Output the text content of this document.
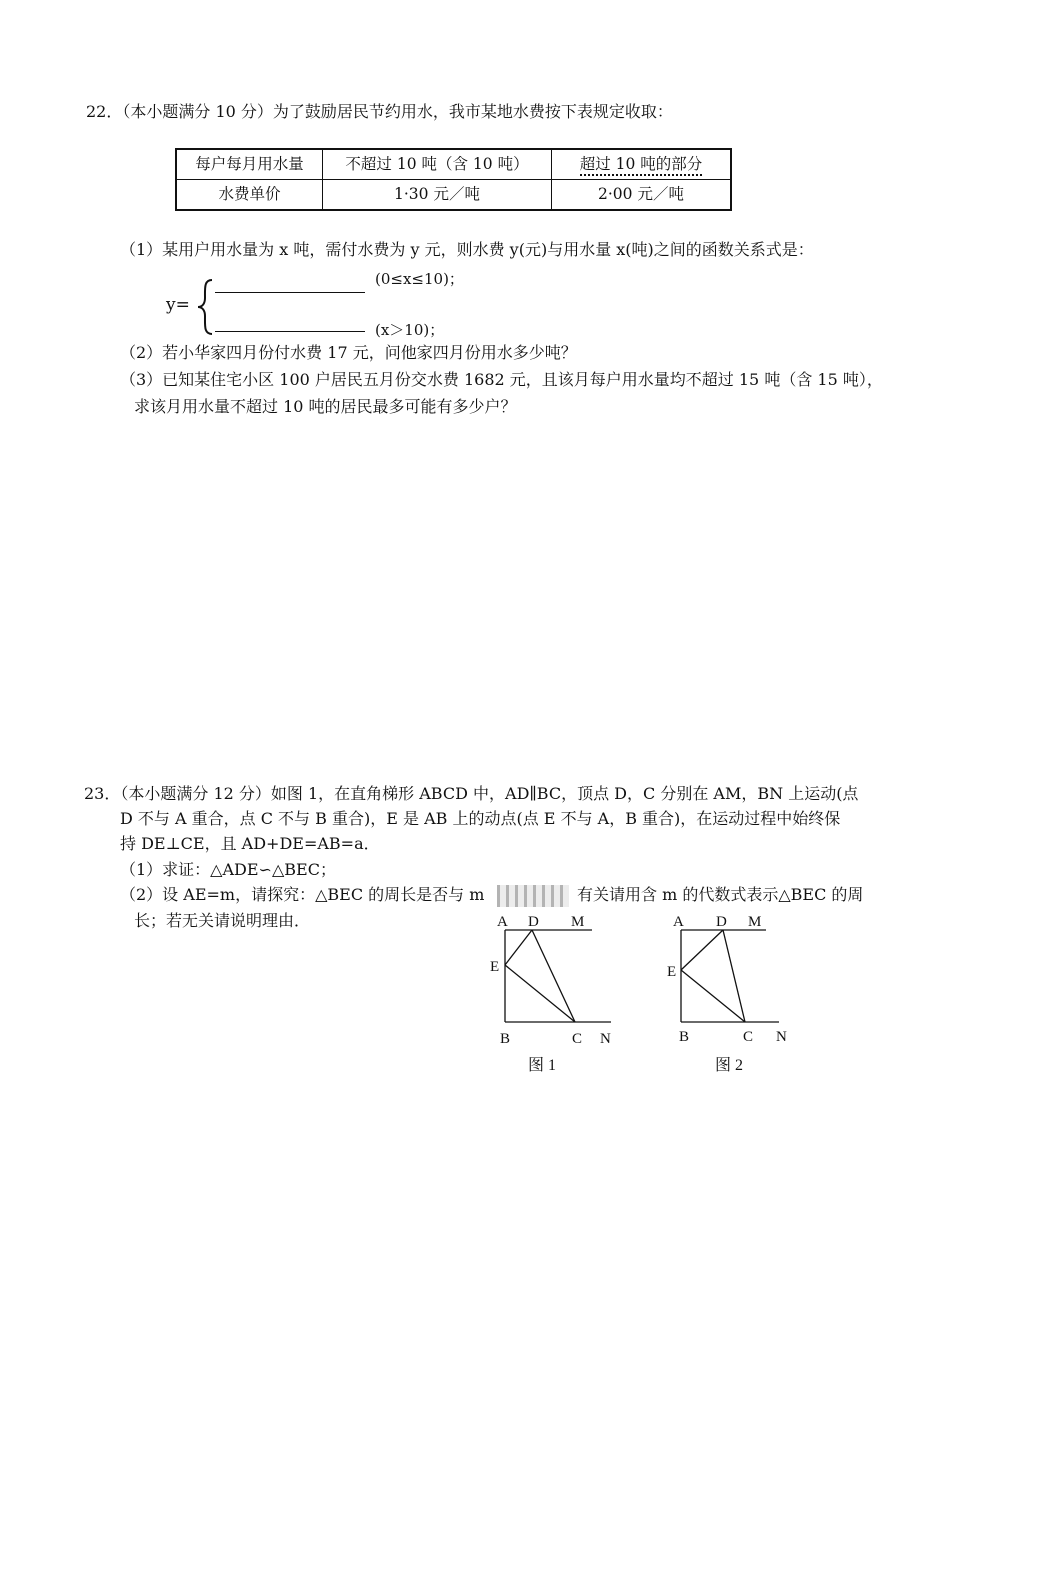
22．（本小题满分 10 分）为了鼓励居民节约用水，我市某地水费按下表规定收取：
每户每月用水量	不超过 10 吨（含 10 吨）	超过 10 吨的部分
水费单价	1·30 元／吨	2·00 元／吨
（1）某用户用水量为 x 吨，需付水费为 y 元，则水费 y(元)与用水量 x(吨)之间的函数关系式是：
y=
(0≤x≤10)；
(x＞10)；
（2）若小华家四月份付水费 17 元，问他家四月份用水多少吨？
（3）已知某住宅小区 100 户居民五月份交水费 1682 元，且该月每户用水量均不超过 15 吨（含 15 吨），
求该月用水量不超过 10 吨的居民最多可能有多少户？
23．（本小题满分 12 分）如图 1，在直角梯形 ABCD 中，AD∥BC，顶点 D，C 分别在 AM，BN 上运动(点
D 不与 A 重合，点 C 不与 B 重合)，E 是 AB 上的动点(点 E 不与 A，B 重合)，在运动过程中始终保
持 DE⊥CE，且 AD+DE=AB=a．
（1）求证：△ADE∽△BEC；
（2）设 AE=m，请探究：△BEC 的周长是否与 m	有关请用含 m 的代数式表示△BEC 的周
长；若无关请说明理由．	A D M
E
B	C N
图 1
A D M
E
B	C N
图 2
